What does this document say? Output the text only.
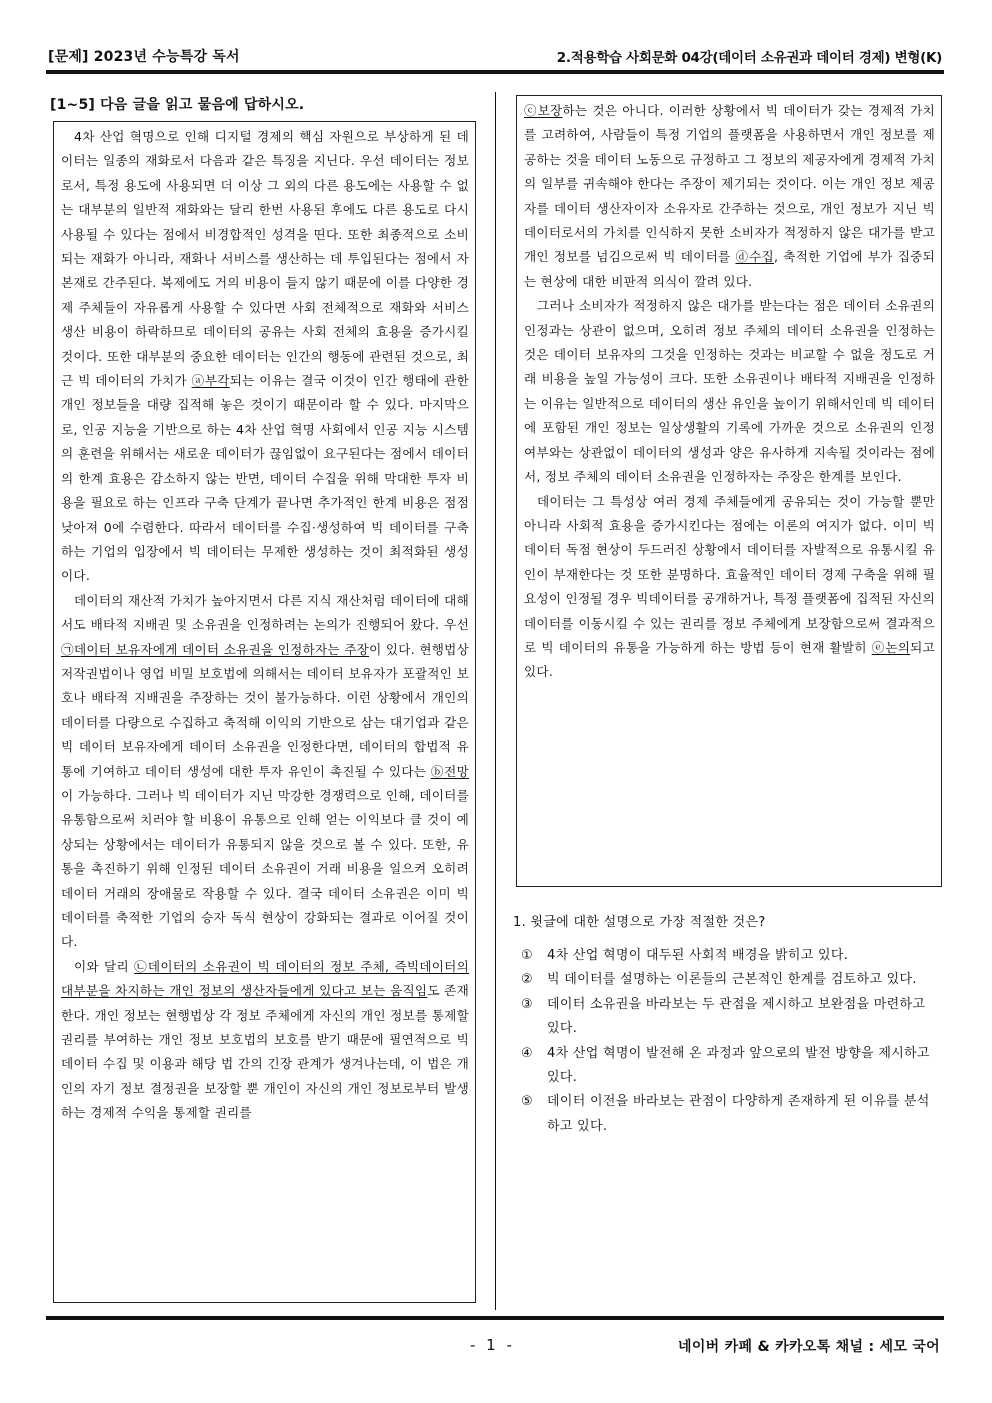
[문제] 2023년 수능특강 독서	2.적용학습 사회문화 04강(데이터 소유권과 데이터 경제) 변형(K)
[1~5] 다음 글을 읽고 물음에 답하시오.

4차 산업 혁명으로 인해 디지털 경제의 핵심 자원으로 부상하게 된 데이터는 일종의 재화로서 다음과 같은 특징을 지닌다. 우선 데이터는 정보로서, 특정 용도에 사용되면 더 이상 그 외의 다른 용도에는 사용할 수 없는 대부분의 일반적 재화와는 달리 한번 사용된 후에도 다른 용도로 다시 사용될 수 있다는 점에서 비경합적인 성격을 띤다. 또한 최종적으로 소비되는 재화가 아니라, 재화나 서비스를 생산하는 데 투입된다는 점에서 자본재로 간주된다. 복제에도 거의 비용이 들지 않기 때문에 이를 다양한 경제 주체들이 자유롭게 사용할 수 있다면 사회 전체적으로 재화와 서비스 생산 비용이 하락하므로 데이터의 공유는 사회 전체의 효용을 증가시킬 것이다. 또한 대부분의 중요한 데이터는 인간의 행동에 관련된 것으로, 최근 빅 데이터의 가치가 ⓐ부각되는 이유는 결국 이것이 인간 행태에 관한 개인 정보들을 대량 집적해 놓은 것이기 때문이라 할 수 있다. 마지막으로, 인공 지능을 기반으로 하는 4차 산업 혁명 사회에서 인공 지능 시스템의 훈련을 위해서는 새로운 데이터가 끊임없이 요구된다는 점에서 데이터의 한계 효용은 감소하지 않는 반면, 데이터 수집을 위해 막대한 투자 비용을 필요로 하는 인프라 구축 단계가 끝나면 추가적인 한계 비용은 점점 낮아져 0에 수렴한다. 따라서 데이터를 수집·생성하여 빅 데이터를 구축하는 기업의 입장에서 빅 데이터는 무제한 생성하는 것이 최적화된 생성이다.

데이터의 재산적 가치가 높아지면서 다른 지식 재산처럼 데이터에 대해서도 배타적 지배권 및 소유권을 인정하려는 논의가 진행되어 왔다. 우선 ㉠데이터 보유자에게 데이터 소유권을 인정하자는 주장이 있다. 현행법상 저작권법이나 영업 비밀 보호법에 의해서는 데이터 보유자가 포괄적인 보호나 배타적 지배권을 주장하는 것이 불가능하다. 이런 상황에서 개인의 데이터를 다량으로 수집하고 축적해 이익의 기반으로 삼는 대기업과 같은 빅 데이터 보유자에게 데이터 소유권을 인정한다면, 데이터의 합법적 유통에 기여하고 데이터 생성에 대한 투자 유인이 촉진될 수 있다는 ⓑ전망이 가능하다. 그러나 빅 데이터가 지닌 막강한 경쟁력으로 인해, 데이터를 유통함으로써 치러야 할 비용이 유통으로 인해 얻는 이익보다 클 것이 예상되는 상황에서는 데이터가 유통되지 않을 것으로 볼 수 있다. 또한, 유통을 촉진하기 위해 인정된 데이터 소유권이 거래 비용을 일으켜 오히려 데이터 거래의 장애물로 작용할 수 있다. 결국 데이터 소유권은 이미 빅 데이터를 축적한 기업의 승자 독식 현상이 강화되는 결과로 이어질 것이다.

이와 달리 ㉡데이터의 소유권이 빅 데이터의 정보 주체, 즉빅데이터의 대부분을 차지하는 개인 정보의 생산자들에게 있다고 보는 움직임도 존재한다. 개인 정보는 현행법상 각 정보 주체에게 자신의 개인 정보를 통제할 권리를 부여하는 개인 정보 보호법의 보호를 받기 때문에 필연적으로 빅 데이터 수집 및 이용과 해당 법 간의 긴장 관계가 생겨나는데, 이 법은 개인의 자기 정보 결정권을 보장할 뿐 개인이 자신의 개인 정보로부터 발생하는 경제적 수익을 통제할 권리를

ⓒ보장하는 것은 아니다. 이러한 상황에서 빅 데이터가 갖는 경제적 가치를 고려하여, 사람들이 특정 기업의 플랫폼을 사용하면서 개인 정보를 제공하는 것을 데이터 노동으로 규정하고 그 정보의 제공자에게 경제적 가치의 일부를 귀속해야 한다는 주장이 제기되는 것이다. 이는 개인 정보 제공자를 데이터 생산자이자 소유자로 간주하는 것으로, 개인 정보가 지닌 빅데이터로서의 가치를 인식하지 못한 소비자가 적정하지 않은 대가를 받고 개인 정보를 넘김으로써 빅 데이터를 ⓓ수집, 축적한 기업에 부가 집중되는 현상에 대한 비판적 의식이 깔려 있다.

그러나 소비자가 적정하지 않은 대가를 받는다는 점은 데이터 소유권의 인정과는 상관이 없으며, 오히려 정보 주체의 데이터 소유권을 인정하는 것은 데이터 보유자의 그것을 인정하는 것과는 비교할 수 없을 정도로 거래 비용을 높일 가능성이 크다. 또한 소유권이나 배타적 지배권을 인정하는 이유는 일반적으로 데이터의 생산 유인을 높이기 위해서인데 빅 데이터에 포함된 개인 정보는 일상생활의 기록에 가까운 것으로 소유권의 인정 여부와는 상관없이 데이터의 생성과 양은 유사하게 지속될 것이라는 점에서, 정보 주체의 데이터 소유권을 인정하자는 주장은 한계를 보인다.

데이터는 그 특성상 여러 경제 주체들에게 공유되는 것이 가능할 뿐만 아니라 사회적 효용을 증가시킨다는 점에는 이론의 여지가 없다. 이미 빅 데이터 독점 현상이 두드러진 상황에서 데이터를 자발적으로 유통시킬 유인이 부재한다는 것 또한 분명하다. 효율적인 데이터 경제 구축을 위해 필요성이 인정될 경우 빅데이터를 공개하거나, 특정 플랫폼에 집적된 자신의 데이터를 이동시킬 수 있는 권리를 정보 주체에게 보장함으로써 결과적으로 빅 데이터의 유통을 가능하게 하는 방법 등이 현재 활발히 ⓔ논의되고 있다.

1. 윗글에 대한 설명으로 가장 적절한 것은?
①	4차 산업 혁명이 대두된 사회적 배경을 밝히고 있다.
②	빅 데이터를 설명하는 이론들의 근본적인 한계를 검토하고 있다.
③	데이터 소유권을 바라보는 두 관점을 제시하고 보완점을 마련하고 있다.
④	4차 산업 혁명이 발전해 온 과정과 앞으로의 발전 방향을 제시하고 있다.
⑤	데이터 이전을 바라보는 관점이 다양하게 존재하게 된 이유를 분석하고 있다.
- 1 -	네이버 카페 & 카카오톡 채널 : 세모 국어
